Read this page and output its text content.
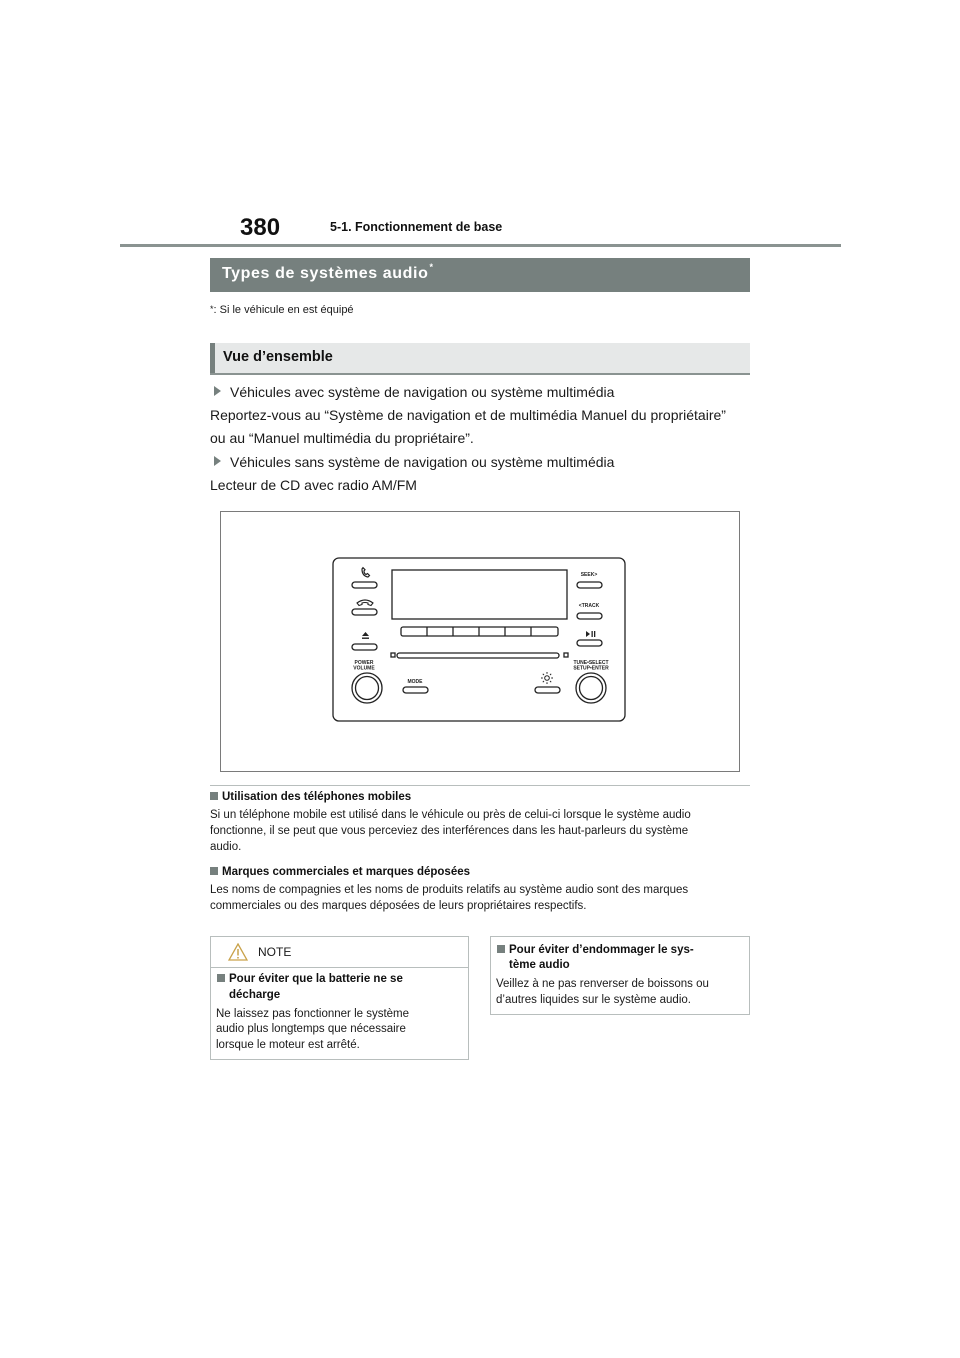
380	5-1. Fonctionnement de base
Types de systèmes audio*
*: Si le véhicule en est équipé
Vue d’ensemble
Véhicules avec système de navigation ou système multimédia
Reportez-vous au “Système de navigation et de multimédia Manuel du propriétaire”
ou au “Manuel multimédia du propriétaire”.
Véhicules sans système de navigation ou système multimédia
Lecteur de CD avec radio AM/FM
POWER
VOLUME
TUNE•SELECT
SETUP•ENTER
SEEK>
<TRACK
MODE
Utilisation des téléphones mobiles
Si un téléphone mobile est utilisé dans le véhicule ou près de celui-ci lorsque le système audio
fonctionne, il se peut que vous perceviez des interférences dans les haut-parleurs du système
audio.
Marques commerciales et marques déposées
Les noms de compagnies et les noms de produits relatifs au système audio sont des marques
commerciales ou des marques déposées de leurs propriétaires respectifs.
NOTE
Pour éviter que la batterie ne se
décharge
Ne laissez pas fonctionner le système
audio plus longtemps que nécessaire
lorsque le moteur est arrêté.
Pour éviter d’endommager le sys-
tème audio
Veillez à ne pas renverser de boissons ou
d’autres liquides sur le système audio.
